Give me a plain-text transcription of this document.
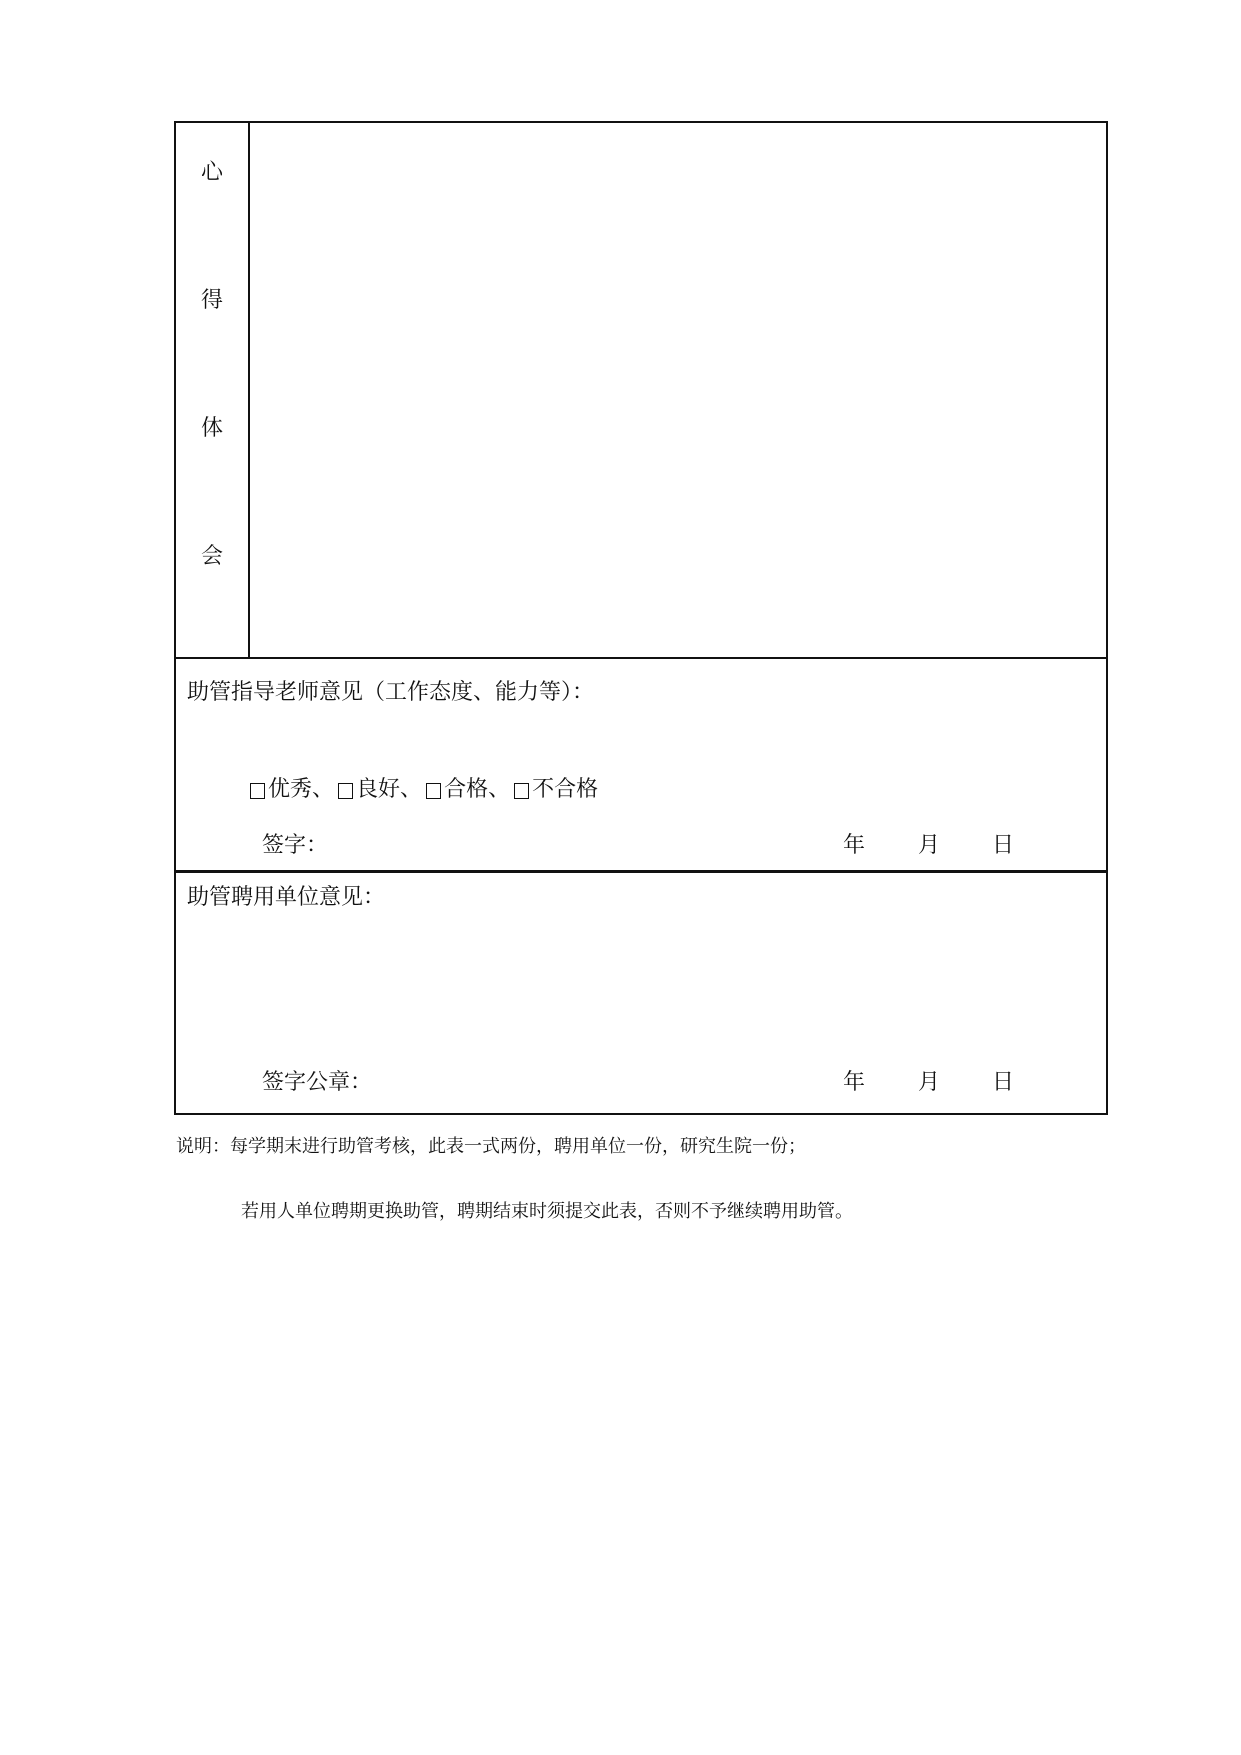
心
得
体
会
助管指导老师意见（工作态度、能力等）：
优秀 、 良好 、 合格 、 不合格
签字：	年 月 日
助管聘用单位意见：
签字公章：	年 月 日
说明：每学期末进行助管考核，此表一式两份，聘用单位一份，研究生院一份；
若用人单位聘期更换助管，聘期结束时须提交此表，否则不予继续聘用助管。
